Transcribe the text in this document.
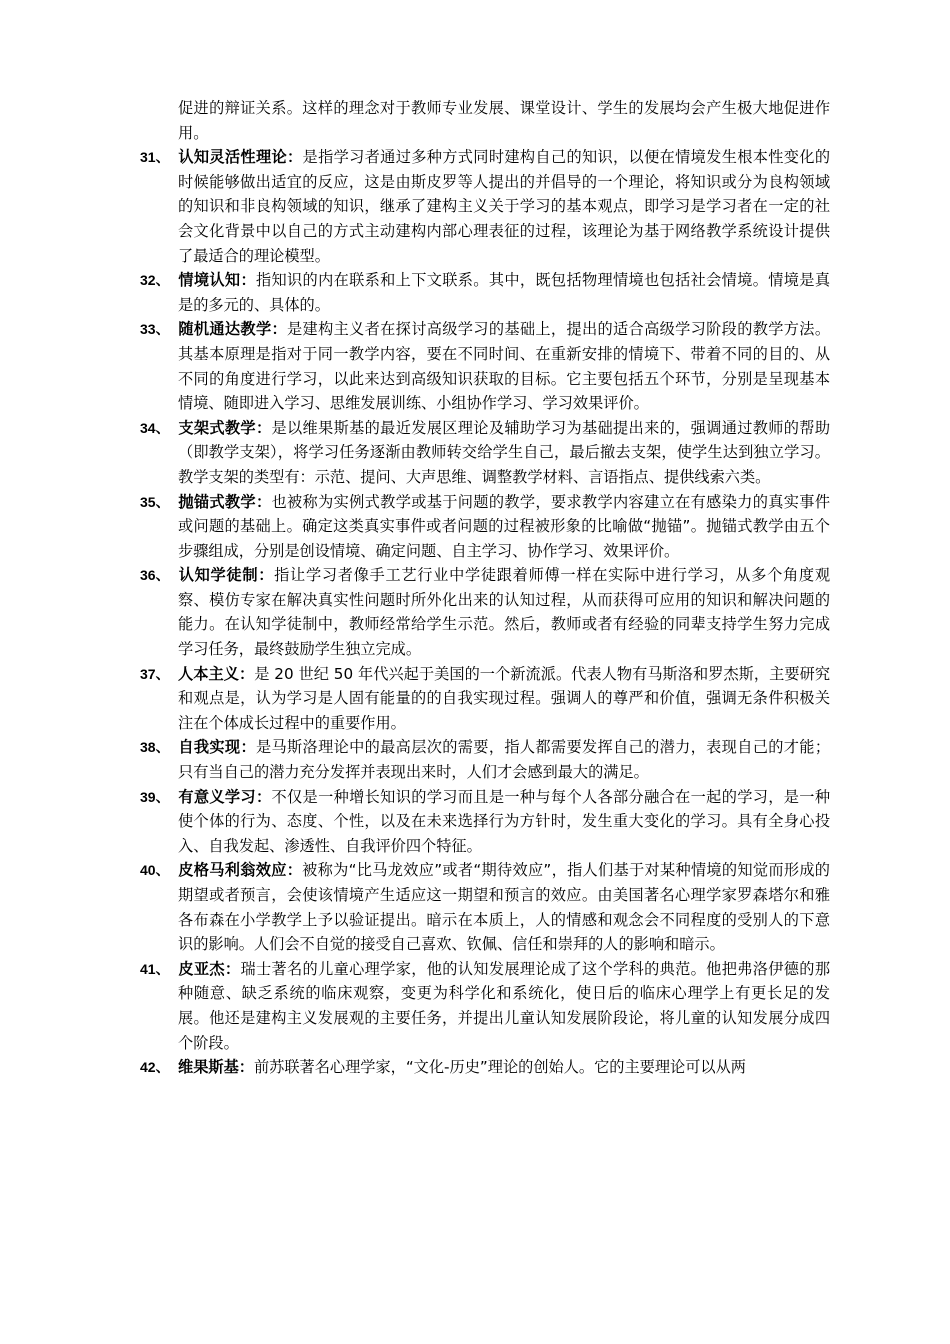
促进的辩证关系。这样的理念对于教师专业发展、课堂设计、学生的发展均会产生极大地促进作用。

31、 认知灵活性理论：是指学习者通过多种方式同时建构自己的知识，以便在情境发生根本性变化的时候能够做出适宜的反应，这是由斯皮罗等人提出的并倡导的一个理论，将知识或分为良构领域的知识和非良构领域的知识，继承了建构主义关于学习的基本观点，即学习是学习者在一定的社会文化背景中以自己的方式主动建构内部心理表征的过程，该理论为基于网络教学系统设计提供了最适合的理论模型。

32、 情境认知：指知识的内在联系和上下文联系。其中，既包括物理情境也包括社会情境。情境是真是的多元的、具体的。

33、 随机通达教学：是建构主义者在探讨高级学习的基础上，提出的适合高级学习阶段的教学方法。其基本原理是指对于同一教学内容，要在不同时间、在重新安排的情境下、带着不同的目的、从不同的角度进行学习，以此来达到高级知识获取的目标。它主要包括五个环节，分别是呈现基本情境、随即进入学习、思维发展训练、小组协作学习、学习效果评价。

34、 支架式教学：是以维果斯基的最近发展区理论及辅助学习为基础提出来的，强调通过教师的帮助（即教学支架），将学习任务逐渐由教师转交给学生自己，最后撤去支架，使学生达到独立学习。教学支架的类型有：示范、提问、大声思维、调整教学材料、言语指点、提供线索六类。

35、 抛锚式教学：也被称为实例式教学或基于问题的教学，要求教学内容建立在有感染力的真实事件或问题的基础上。确定这类真实事件或者问题的过程被形象的比喻做“抛锚”。抛锚式教学由五个步骤组成，分别是创设情境、确定问题、自主学习、协作学习、效果评价。

36、 认知学徒制：指让学习者像手工艺行业中学徒跟着师傅一样在实际中进行学习，从多个角度观察、模仿专家在解决真实性问题时所外化出来的认知过程，从而获得可应用的知识和解决问题的能力。在认知学徒制中，教师经常给学生示范。然后，教师或者有经验的同辈支持学生努力完成学习任务，最终鼓励学生独立完成。

37、 人本主义：是 20 世纪 50 年代兴起于美国的一个新流派。代表人物有马斯洛和罗杰斯，主要研究和观点是，认为学习是人固有能量的的自我实现过程。强调人的尊严和价值，强调无条件积极关注在个体成长过程中的重要作用。

38、 自我实现：是马斯洛理论中的最高层次的需要，指人都需要发挥自己的潜力，表现自己的才能；只有当自己的潜力充分发挥并表现出来时，人们才会感到最大的满足。

39、 有意义学习：不仅是一种增长知识的学习而且是一种与每个人各部分融合在一起的学习，是一种使个体的行为、态度、个性，以及在未来选择行为方针时，发生重大变化的学习。具有全身心投入、自我发起、渗透性、自我评价四个特征。

40、 皮格马利翁效应：被称为“比马龙效应”或者“期待效应”，指人们基于对某种情境的知觉而形成的期望或者预言，会使该情境产生适应这一期望和预言的效应。由美国著名心理学家罗森塔尔和雅各布森在小学教学上予以验证提出。暗示在本质上，人的情感和观念会不同程度的受别人的下意识的影响。人们会不自觉的接受自己喜欢、钦佩、信任和崇拜的人的影响和暗示。

41、 皮亚杰：瑞士著名的儿童心理学家，他的认知发展理论成了这个学科的典范。他把弗洛伊德的那种随意、缺乏系统的临床观察，变更为科学化和系统化，使日后的临床心理学上有更长足的发展。他还是建构主义发展观的主要任务，并提出儿童认知发展阶段论，将儿童的认知发展分成四个阶段。

42、 维果斯基：前苏联著名心理学家，“文化-历史”理论的创始人。它的主要理论可以从两
